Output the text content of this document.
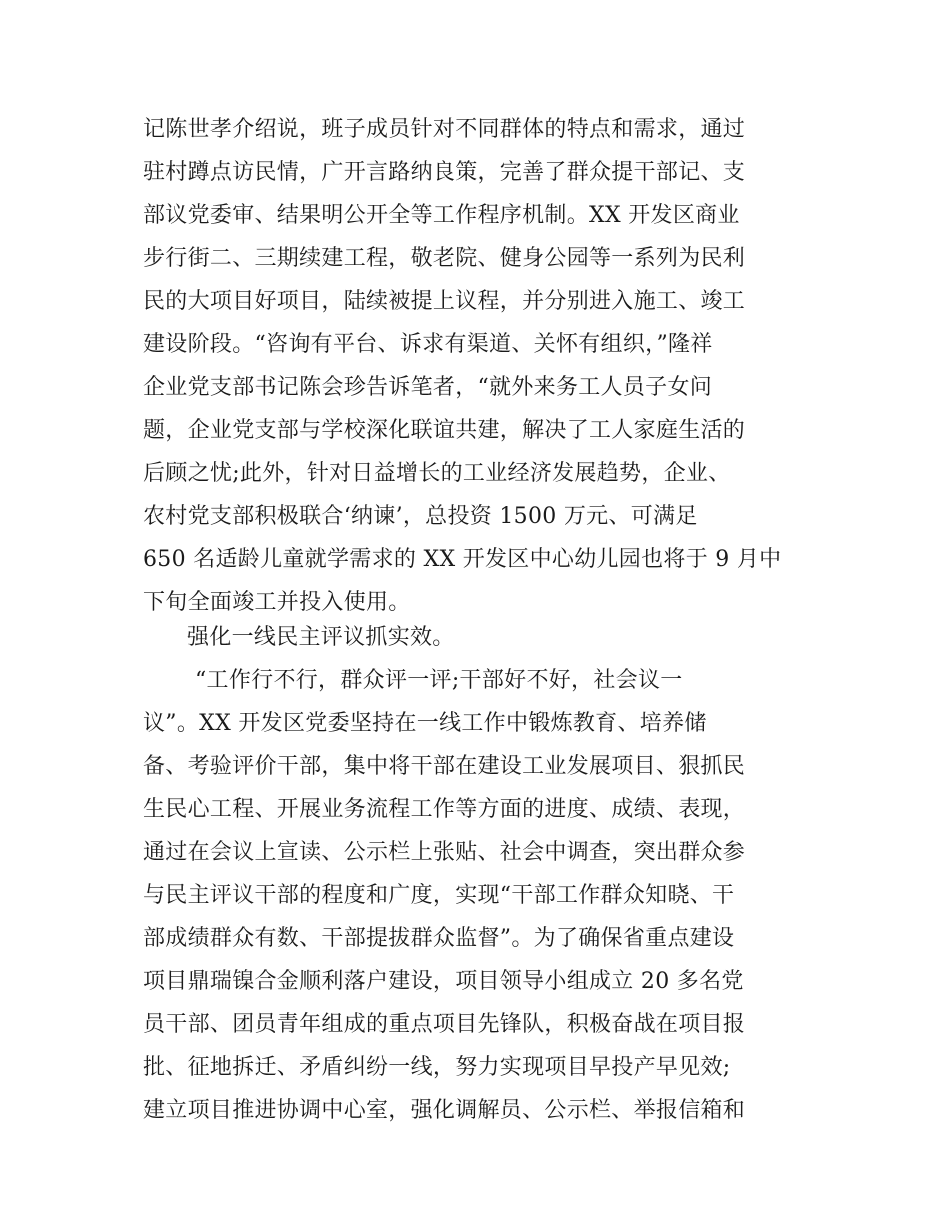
记陈世孝介绍说，班子成员针对不同群体的特点和需求，通过
驻村蹲点访民情，广开言路纳良策，完善了群众提干部记、支
部议党委审、结果明公开全等工作程序机制。XX 开发区商业
步行街二、三期续建工程，敬老院、健身公园等一系列为民利
民的大项目好项目，陆续被提上议程，并分别进入施工、竣工
建设阶段。“咨询有平台、诉求有渠道、关怀有组织，”隆祥
企业党支部书记陈会珍告诉笔者，“就外来务工人员子女问
题，企业党支部与学校深化联谊共建，解决了工人家庭生活的
后顾之忧;此外，针对日益增长的工业经济发展趋势，企业、
农村党支部积极联合‘纳谏’，总投资 1500 万元、可满足
650 名适龄儿童就学需求的 XX 开发区中心幼儿园也将于 9 月中
下旬全面竣工并投入使用。
强化一线民主评议抓实效。
“工作行不行，群众评一评;干部好不好，社会议一
议”。XX 开发区党委坚持在一线工作中锻炼教育、培养储
备、考验评价干部，集中将干部在建设工业发展项目、狠抓民
生民心工程、开展业务流程工作等方面的进度、成绩、表现，
通过在会议上宣读、公示栏上张贴、社会中调查，突出群众参
与民主评议干部的程度和广度，实现“干部工作群众知晓、干
部成绩群众有数、干部提拔群众监督”。为了确保省重点建设
项目鼎瑞镍合金顺利落户建设，项目领导小组成立 20 多名党
员干部、团员青年组成的重点项目先锋队，积极奋战在项目报
批、征地拆迁、矛盾纠纷一线，努力实现项目早投产早见效;
建立项目推进协调中心室，强化调解员、公示栏、举报信箱和
